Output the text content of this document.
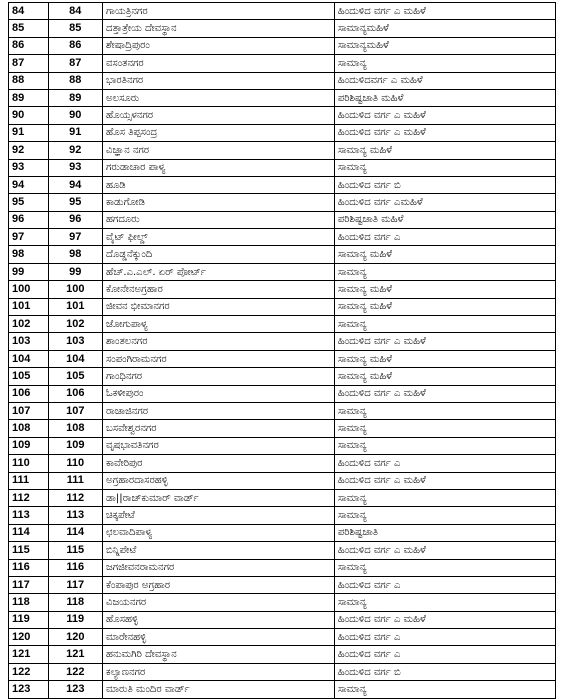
84	84	ಗಾಯತ್ರಿನಗರ	ಹಿಂದುಳಿದ ವರ್ಗ ಎ ಮಹಿಳೆ
85	85	ದತ್ತಾತ್ರೇಯ ದೇವಸ್ಥಾನ	ಸಾಮಾನ್ಯಮಹಿಳೆ
86	86	ಶೇಷಾದ್ರಿಪುರಂ	ಸಾಮಾನ್ಯಮಹಿಳೆ
87	87	ವಸಂತನಗರ	ಸಾಮಾನ್ಯ
88	88	ಭಾರತಿನಗರ	ಹಿಂದುಳಿದವರ್ಗ ಎ ಮಹಿಳೆ
89	89	ಅಲಸೂರು	ಪರಿಶಿಷ್ಟಜಾತಿ ಮಹಿಳೆ
90	90	ಹೊಯ್ಸಳನಗರ	ಹಿಂದುಳಿದ ವರ್ಗ ಎ ಮಹಿಳೆ
91	91	ಹೊಸ ತಿಪ್ಪಸಂದ್ರ	ಹಿಂದುಳಿದ ವರ್ಗ ಎ ಮಹಿಳೆ
92	92	ವಿಜ್ಞಾನ ನಗರ	ಸಾಮಾನ್ಯ ಮಹಿಳೆ
93	93	ಗರುಡಾಚಾರ ಪಾಳ್ಯ	ಸಾಮಾನ್ಯ
94	94	ಹೂಡಿ	ಹಿಂದುಳಿದ ವರ್ಗ ಬಿ
95	95	ಕಾಡುಗೋಡಿ	ಹಿಂದುಳಿದ ವರ್ಗ ಎಮಹಿಳೆ
96	96	ಹಗದೂರು	ಪರಿಶಿಷ್ಟಜಾತಿ ಮಹಿಳೆ
97	97	ವೈಟ್ ಫೀಲ್ಡ್	ಹಿಂದುಳಿದ ವರ್ಗ ಎ
98	98	ದೊಡ್ಡನೆಕ್ಕುಂದಿ	ಸಾಮಾನ್ಯ ಮಹಿಳೆ
99	99	ಹೆಚ್.ಎ.ಎಲ್. ಏರ್ ಪೋರ್ಟ್	ಸಾಮಾನ್ಯ
100	100	ಕೋನೇನಅಗ್ರಹಾರ	ಸಾಮಾನ್ಯ ಮಹಿಳೆ
101	101	ಜೀವನ ಭೀಮಾನಗರ	ಸಾಮಾನ್ಯ ಮಹಿಳೆ
102	102	ಜೋಗುಪಾಳ್ಯ	ಸಾಮಾನ್ಯ
103	103	ಶಾಂತಲನಗರ	ಹಿಂದುಳಿದ ವರ್ಗ ಎ ಮಹಿಳೆ
104	104	ಸಂಪಂಗಿರಾಮನಗರ	ಸಾಮಾನ್ಯ ಮಹಿಳೆ
105	105	ಗಾಂಧಿನಗರ	ಸಾಮಾನ್ಯ ಮಹಿಳೆ
106	106	ಓಕಳೀಪುರಂ	ಹಿಂದುಳಿದ ವರ್ಗ ಎ ಮಹಿಳೆ
107	107	ರಾಜಾಜಿನಗರ	ಸಾಮಾನ್ಯ
108	108	ಬಸವೇಶ್ವರನಗರ	ಸಾಮಾನ್ಯ
109	109	ವೃಷಭಾವತಿನಗರ	ಸಾಮಾನ್ಯ
110	110	ಕಾವೇರಿಪುರ	ಹಿಂದುಳಿದ ವರ್ಗ ಎ
111	111	ಅಗ್ರಹಾರದಾಸರಹಳ್ಳಿ	ಹಿಂದುಳಿದ ವರ್ಗ ಎ ಮಹಿಳೆ
112	112	ಡಾ||ರಾಜ್‌ಕುಮಾರ್ ವಾರ್ಡ್	ಸಾಮಾನ್ಯ
113	113	ಚಿಕ್ಕಪೇಟೆ	ಸಾಮಾನ್ಯ
114	114	ಛಲವಾದಿಪಾಳ್ಯ	ಪರಿಶಿಷ್ಟಜಾತಿ
115	115	ಬಿನ್ನಿಪೇಟೆ	ಹಿಂದುಳಿದ ವರ್ಗ ಎ ಮಹಿಳೆ
116	116	ಜಗಜೀವನರಾಮನಗರ	ಸಾಮಾನ್ಯ
117	117	ಕೆಂಪಾಪುರ ಅಗ್ರಹಾರ	ಹಿಂದುಳಿದ ವರ್ಗ ಎ
118	118	ವಿಜಯನಗರ	ಸಾಮಾನ್ಯ
119	119	ಹೊಸಹಳ್ಳಿ	ಹಿಂದುಳಿದ ವರ್ಗ ಎ ಮಹಿಳೆ
120	120	ಮಾರೇನಹಳ್ಳಿ	ಹಿಂದುಳಿದ ವರ್ಗ ಎ
121	121	ಹನುಮಗಿರಿ ದೇವಸ್ಥಾನ	ಹಿಂದುಳಿದ ವರ್ಗ ಎ
122	122	ಕಲ್ಯಾಣನಗರ	ಹಿಂದುಳಿದ ವರ್ಗ ಬಿ
123	123	ಮಾರುತಿ ಮಂದಿರ ವಾರ್ಡ್	ಸಾಮಾನ್ಯ
